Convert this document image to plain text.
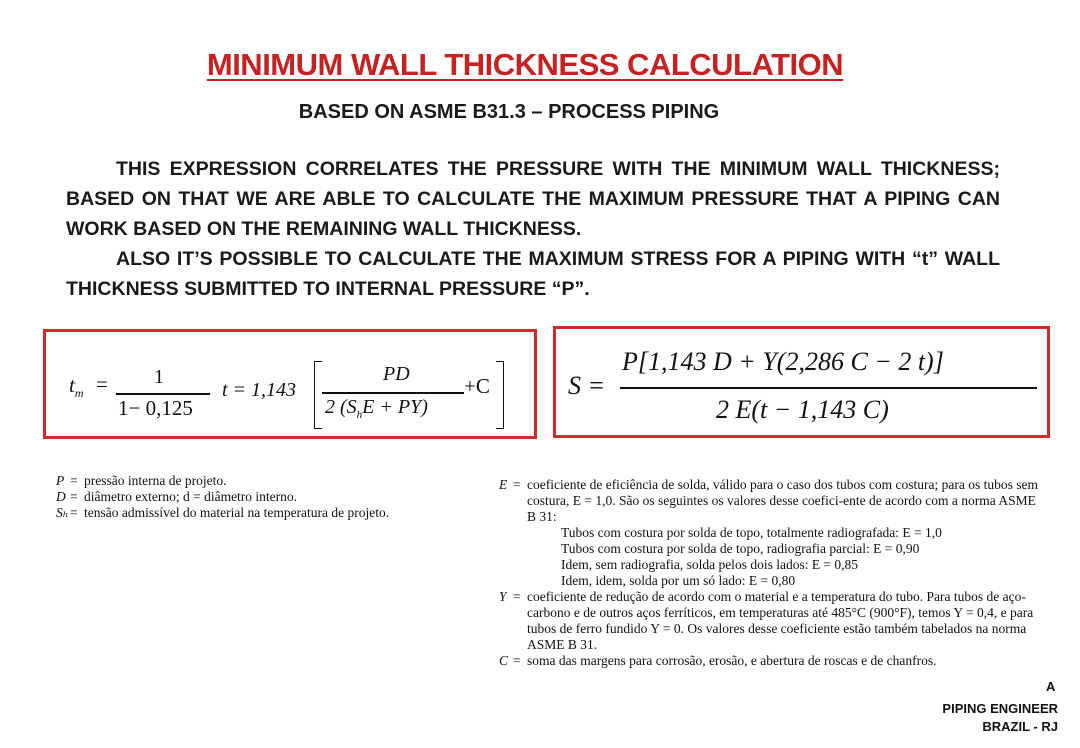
MINIMUM WALL THICKNESS CALCULATION
BASED ON ASME B31.3 – PROCESS PIPING

THIS EXPRESSION CORRELATES THE PRESSURE WITH THE MINIMUM WALL THICKNESS; BASED ON THAT WE ARE ABLE TO CALCULATE THE MAXIMUM PRESSURE THAT A PIPING CAN WORK BASED ON THE REMAINING WALL THICKNESS.

ALSO IT’S POSSIBLE TO CALCULATE THE MAXIMUM STRESS FOR A PIPING WITH “t” WALL THICKNESS SUBMITTED TO INTERNAL PRESSURE “P”.

$t_m = 1$
1− 0,125
t = 1,143
PD
2 $(S_hE + PY)$
+C	S =
P[1,143 D + Y(2,286 C − 2 t)]
2 E(t − 1,143 C)
P = pressão interna de projeto.
D = diâmetro externo; d = diâmetro interno.
Sₕ = tensão admissível do material na temperatura de projeto.
E = coeficiente de eficiência de solda, válido para o caso dos tubos com costura; para os tubos sem costura, E = 1,0. São os seguintes os valores desse coefici-ente de acordo com a norma ASME B 31:
Tubos com costura por solda de topo, totalmente radiografada: E = 1,0
Tubos com costura por solda de topo, radiografia parcial: E = 0,90
Idem, sem radiografia, solda pelos dois lados: E = 0,85
Idem, idem, solda por um só lado: E = 0,80
Y = coeficiente de redução de acordo com o material e a temperatura do tubo. Para tubos de aço-carbono e de outros aços ferríticos, em temperaturas até 485°C (900°F), temos Y = 0,4, e para tubos de ferro fundido Y = 0. Os valores desse coeficiente estão também tabelados na norma ASME B 31.
C = soma das margens para corrosão, erosão, e abertura de roscas e de chanfros.
A
PIPING ENGINEER
BRAZIL - RJ
